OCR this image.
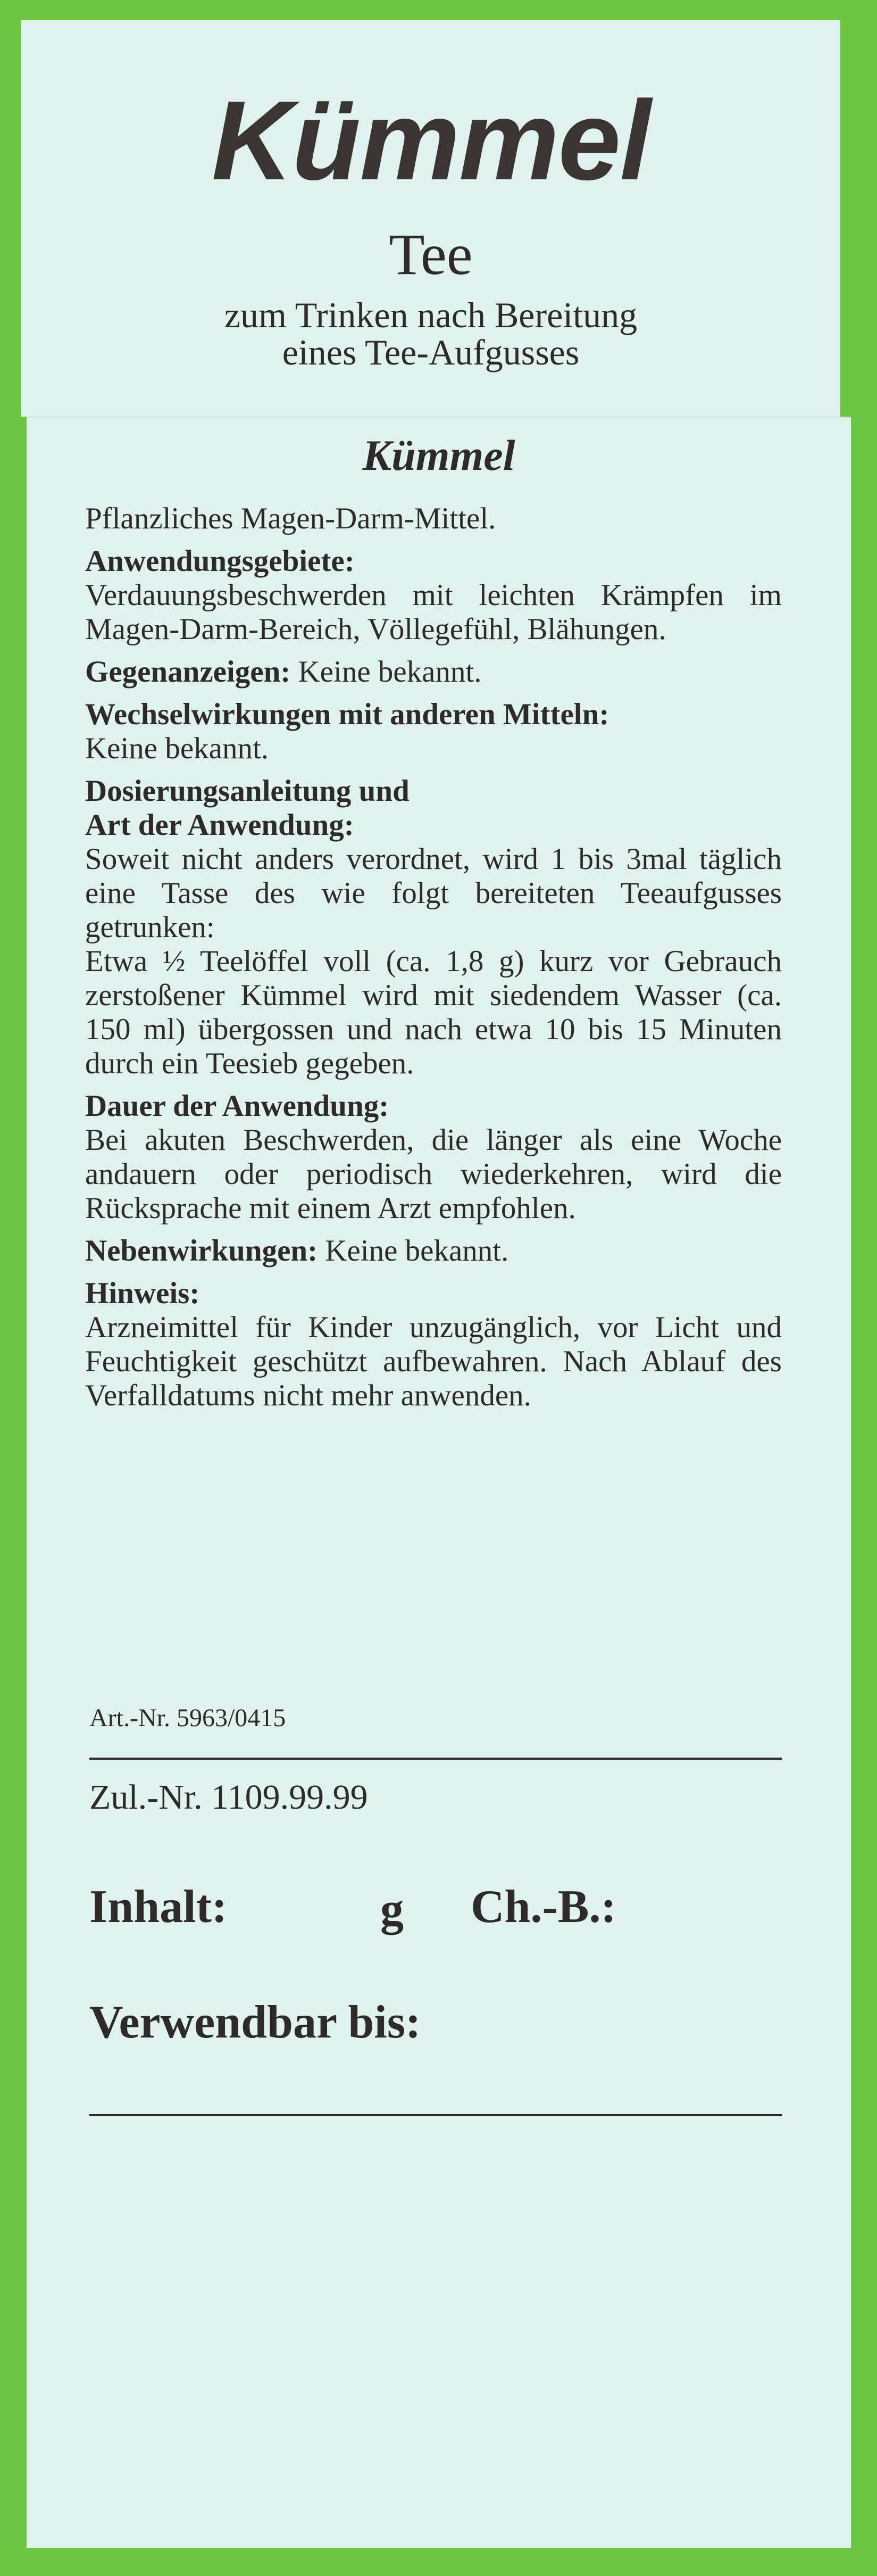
Kümmel
Tee
zum Trinken nach Bereitung
eines Tee-Aufgusses
Kümmel
Pflanzliches Magen-Darm-Mittel.
Anwendungsgebiete:
Verdauungsbeschwerden mit leichten Krämpfen im Magen-Darm-Bereich, Völlegefühl, Blähungen.
Gegenanzeigen: Keine bekannt.
Wechselwirkungen mit anderen Mitteln:
Keine bekannt.
Dosierungsanleitung und
Art der Anwendung:
Soweit nicht anders verordnet, wird 1 bis 3mal täglich eine Tasse des wie folgt bereiteten Teeaufgusses getrunken:
Etwa ½ Teelöffel voll (ca. 1,8 g) kurz vor Gebrauch zerstoßener Kümmel wird mit siedendem Wasser (ca. 150 ml) übergossen und nach etwa 10 bis 15 Minuten durch ein Teesieb gegeben.
Dauer der Anwendung:
Bei akuten Beschwerden, die länger als eine Woche andauern oder periodisch wiederkehren, wird die Rücksprache mit einem Arzt empfohlen.
Nebenwirkungen: Keine bekannt.
Hinweis:
Arzneimittel für Kinder unzugänglich, vor Licht und Feuchtigkeit geschützt aufbewahren. Nach Ablauf des Verfalldatums nicht mehr anwenden.
Art.-Nr. 5963/0415
Zul.-Nr. 1109.99.99
Inhalt:	g Ch.-B.:
Verwendbar bis:
